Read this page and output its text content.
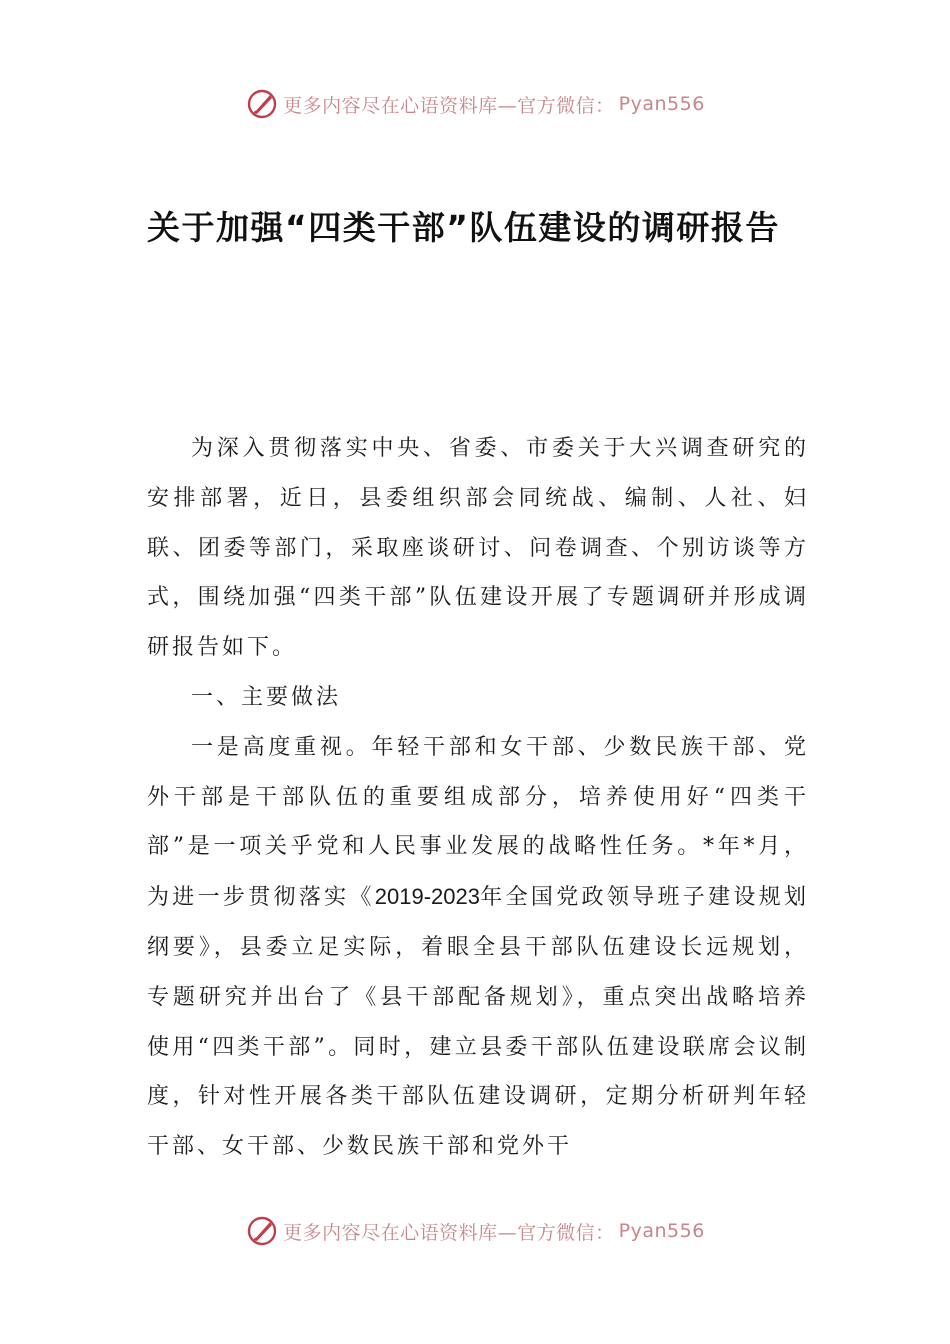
更多内容尽在心语资料库—官方微信： Pyan556
关于加强“四类干部”队伍建设的调研报告

为深入贯彻落实中央、省委、市委关于大兴调查研究的安排部署，近日，县委组织部会同统战、编制、人社、妇联、团委等部门，采取座谈研讨、问卷调查、个别访谈等方式，围绕加强“四类干部”队伍建设开展了专题调研并形成调研报告如下。

一、主要做法

一是高度重视。年轻干部和女干部、少数民族干部、党外干部是干部队伍的重要组成部分，培养使用好“四类干部”是一项关乎党和人民事业发展的战略性任务。*年*月，为进一步贯彻落实《2019-2023年全国党政领导班子建设规划纲要》，县委立足实际，着眼全县干部队伍建设长远规划，专题研究并出台了《县干部配备规划》，重点突出战略培养使用“四类干部”。同时，建立县委干部队伍建设联席会议制度，针对性开展各类干部队伍建设调研，定期分析研判年轻干部、女干部、少数民族干部和党外干

更多内容尽在心语资料库—官方微信： Pyan556
